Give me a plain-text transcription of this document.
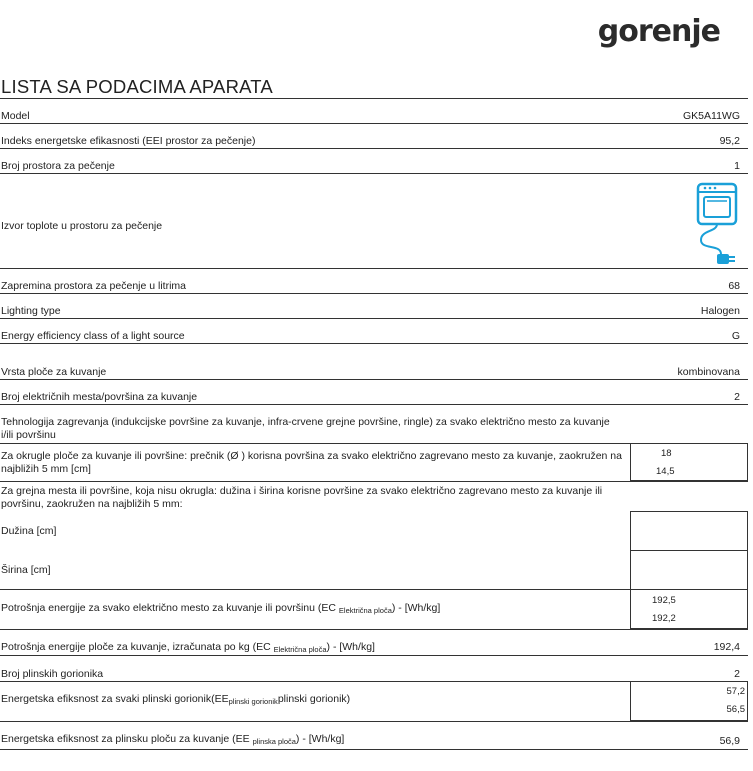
gorenje
LISTA SA PODACIMA APARATA
Model	GK5A11WG
Indeks energetske efikasnosti (EEI prostor za pečenje)	95,2
Broj prostora za pečenje	1
Izvor toplote u prostoru za pečenje
Zapremina prostora za pečenje u litrima	68
Lighting type	Halogen
Energy efficiency class of a light source	G
Vrsta ploče za kuvanje	kombinovana
Broj električnih mesta/površina za kuvanje	2
Tehnologija zagrevanja (indukcijske površine za kuvanje, infra-crvene grejne površine, ringle) za svako električno mesto za kuvanje i/ili površinu
Za okrugle ploče za kuvanje ili površine: prečnik (Ø ) korisna površina za svako električno zagrevano mesto za kuvanje, zaokružen na najbližih 5 mm [cm]
18
14,5
Za grejna mesta ili površine, koja nisu okrugla: dužina i širina korisne površine za svako električno zagrevano mesto za kuvanje ili površinu, zaokružen na najbližih 5 mm:
Dužina [cm]
Širina [cm]
Potrošnja energije za svako električno mesto za kuvanje ili površinu (EC $_{Električna ploča}$) - [Wh/kg]
192,5
192,2
Potrošnja energije ploče za kuvanje, izračunata po kg (EC $_{Električna ploča}$) - [Wh/kg]	192,4
Broj plinskih gorionika	2
Energetska efiksnost za svaki plinski $gorionik(EE_{plinski gorionik}plinski$ gorionik)
57,2
56,5
Energetska efiksnost za plinsku ploču za kuvanje (EE $_{plinska ploča}$) - [Wh/kg]	56,9
